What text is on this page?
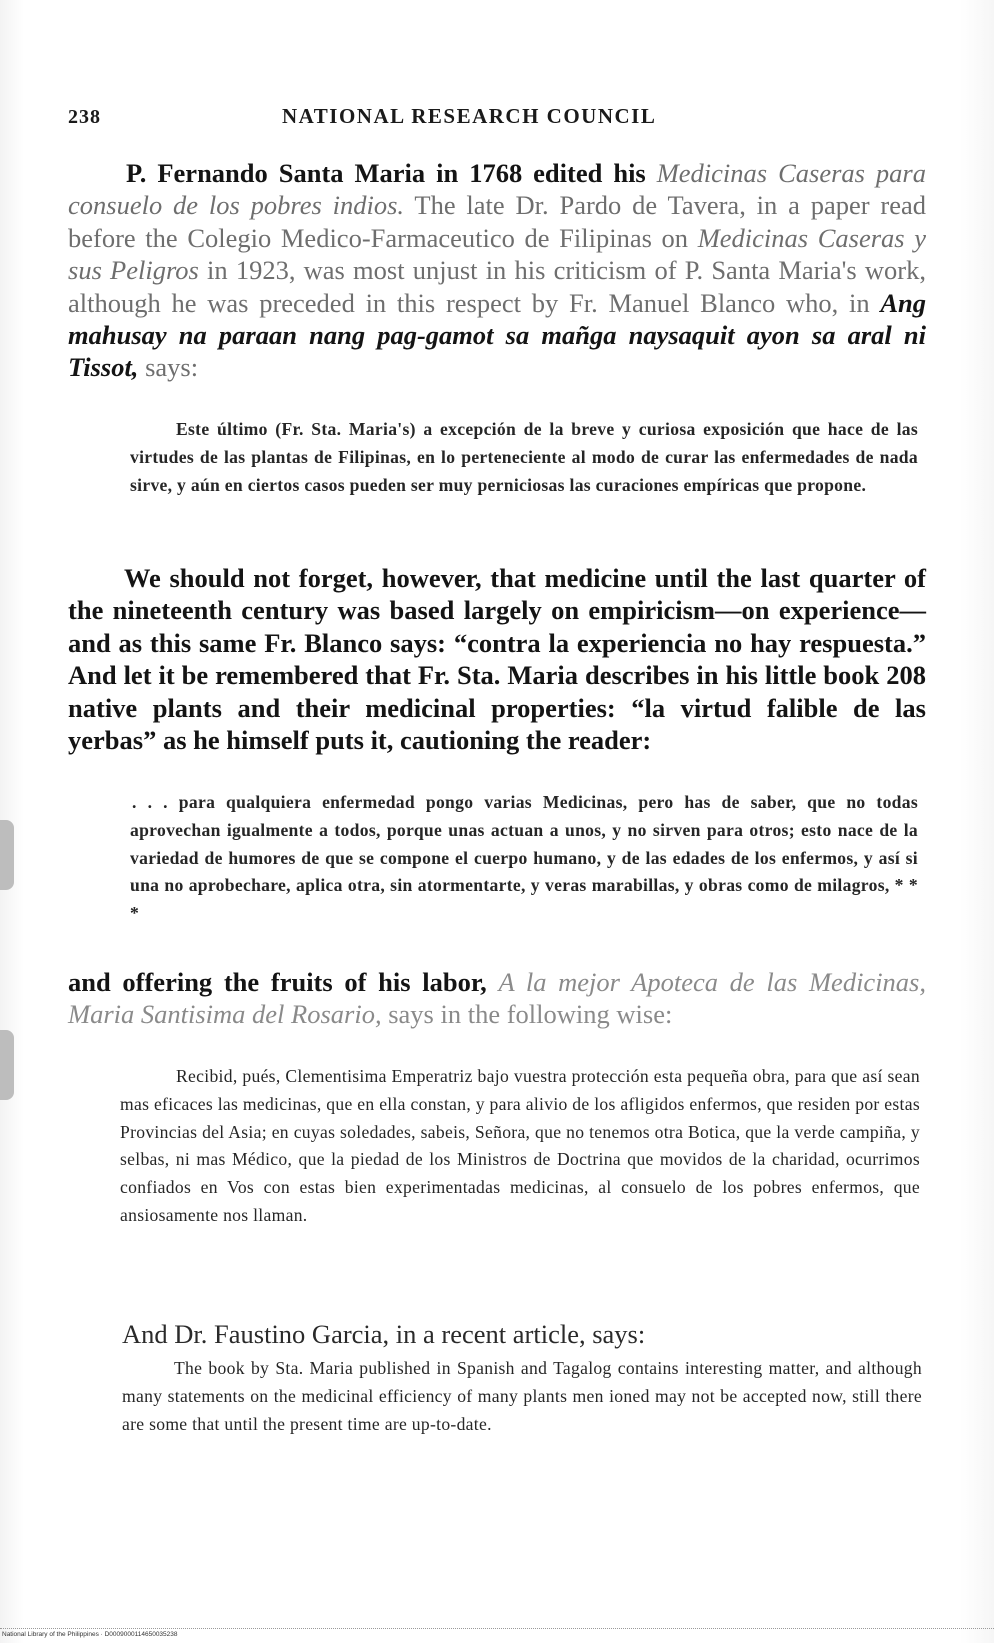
238	NATIONAL RESEARCH COUNCIL

P. Fernando Santa Maria in 1768 edited his Medicinas Caseras para consuelo de los pobres indios. The late Dr. Pardo de Tavera, in a paper read before the Colegio Medico-Farmaceutico de Filipinas on Medicinas Caseras y sus Peligros in 1923, was most unjust in his criticism of P. Santa Maria's work, although he was preceded in this respect by Fr. Manuel Blanco who, in Ang mahusay na paraan nang pag-gamot sa mañga naysaquit ayon sa aral ni Tissot, says:

Este último (Fr. Sta. Maria's) a excepción de la breve y curiosa exposición que hace de las virtudes de las plantas de Filipinas, en lo perteneciente al modo de curar las enfermedades de nada sirve, y aún en ciertos casos pueden ser muy perniciosas las curaciones empíricas que propone.

We should not forget, however, that medicine until the last quarter of the nineteenth century was based largely on empiricism—on experience—and as this same Fr. Blanco says: “contra la experiencia no hay respuesta.” And let it be remembered that Fr. Sta. Maria describes in his little book 208 native plants and their medicinal properties: “la virtud falible de las yerbas” as he himself puts it, cautioning the reader:

. . . para qualquiera enfermedad pongo varias Medicinas, pero has de saber, que no todas aprovechan igualmente a todos, porque unas actuan a unos, y no sirven para otros; esto nace de la variedad de humores de que se compone el cuerpo humano, y de las edades de los enfermos, y así si una no aprobechare, aplica otra, sin atormentarte, y veras marabillas, y obras como de milagros, * * *

and offering the fruits of his labor, A la mejor Apoteca de las Medicinas, Maria Santisima del Rosario, says in the following wise:

Recibid, pués, Clementisima Emperatriz bajo vuestra protección esta pequeña obra, para que así sean mas eficaces las medicinas, que en ella constan, y para alivio de los afligidos enfermos, que residen por estas Provincias del Asia; en cuyas soledades, sabeis, Señora, que no tenemos otra Botica, que la verde campiña, y selbas, ni mas Médico, que la piedad de los Ministros de Doctrina que movidos de la charidad, ocurrimos confiados en Vos con estas bien experimentadas medicinas, al consuelo de los pobres enfermos, que ansiosamente nos llaman.

And Dr. Faustino Garcia, in a recent article, says:

The book by Sta. Maria published in Spanish and Tagalog contains interesting matter, and although many statements on the medicinal efficiency of many plants men ioned may not be accepted now, still there are some that until the present time are up-to-date.

National Library of the Philippines · D0009000114650035238
